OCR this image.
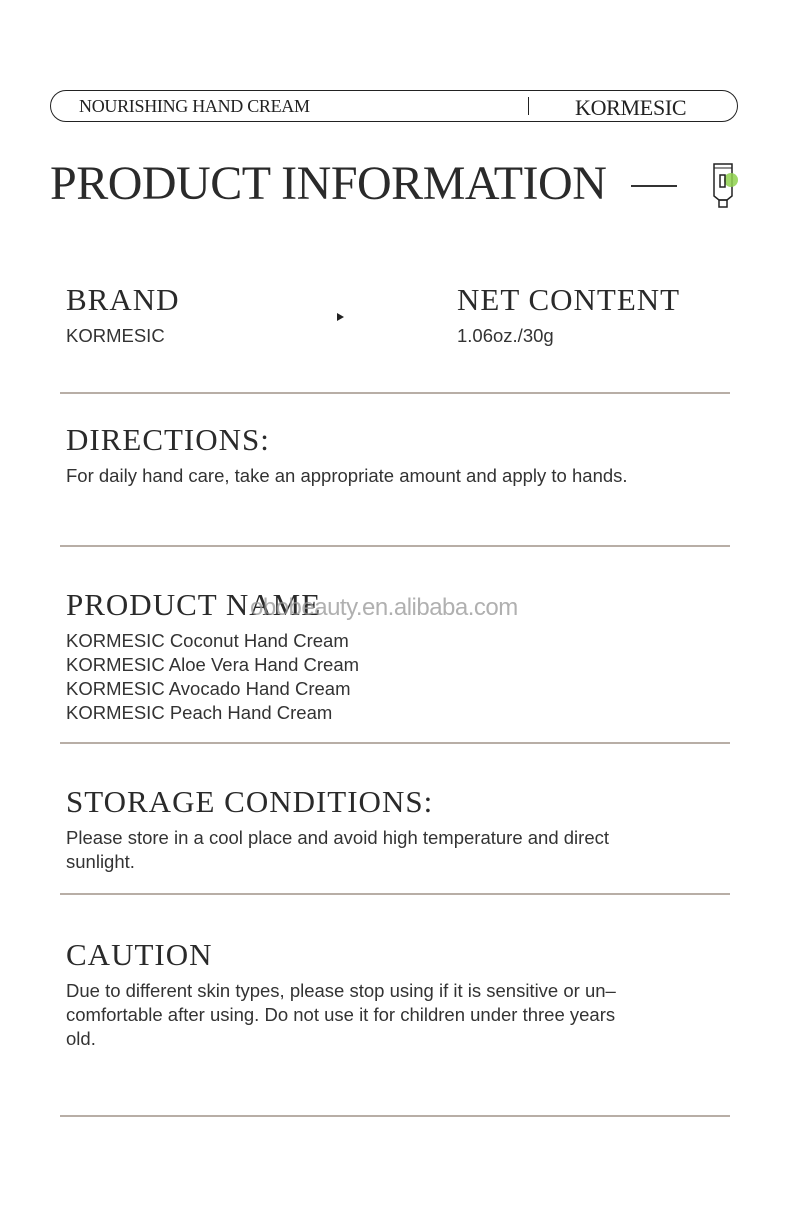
NOURISHING HAND CREAM	KORMESIC
PRODUCT INFORMATION
BRAND
KORMESIC
NET CONTENT
1.06oz./30g
DIRECTIONS:
For daily hand care, take an appropriate amount and apply to hands.
PRODUCT NAME
KORMESIC Coconut Hand Cream
KORMESIC Aloe Vera Hand Cream
KORMESIC Avocado Hand Cream
KORMESIC Peach Hand Cream
obobeauty.en.alibaba.com
STORAGE CONDITIONS:
Please store in a cool place and avoid high temperature and direct
sunlight.
CAUTION
Due to different skin types, please stop using if it is sensitive or un–
comfortable after using. Do not use it for children under three years
old.
